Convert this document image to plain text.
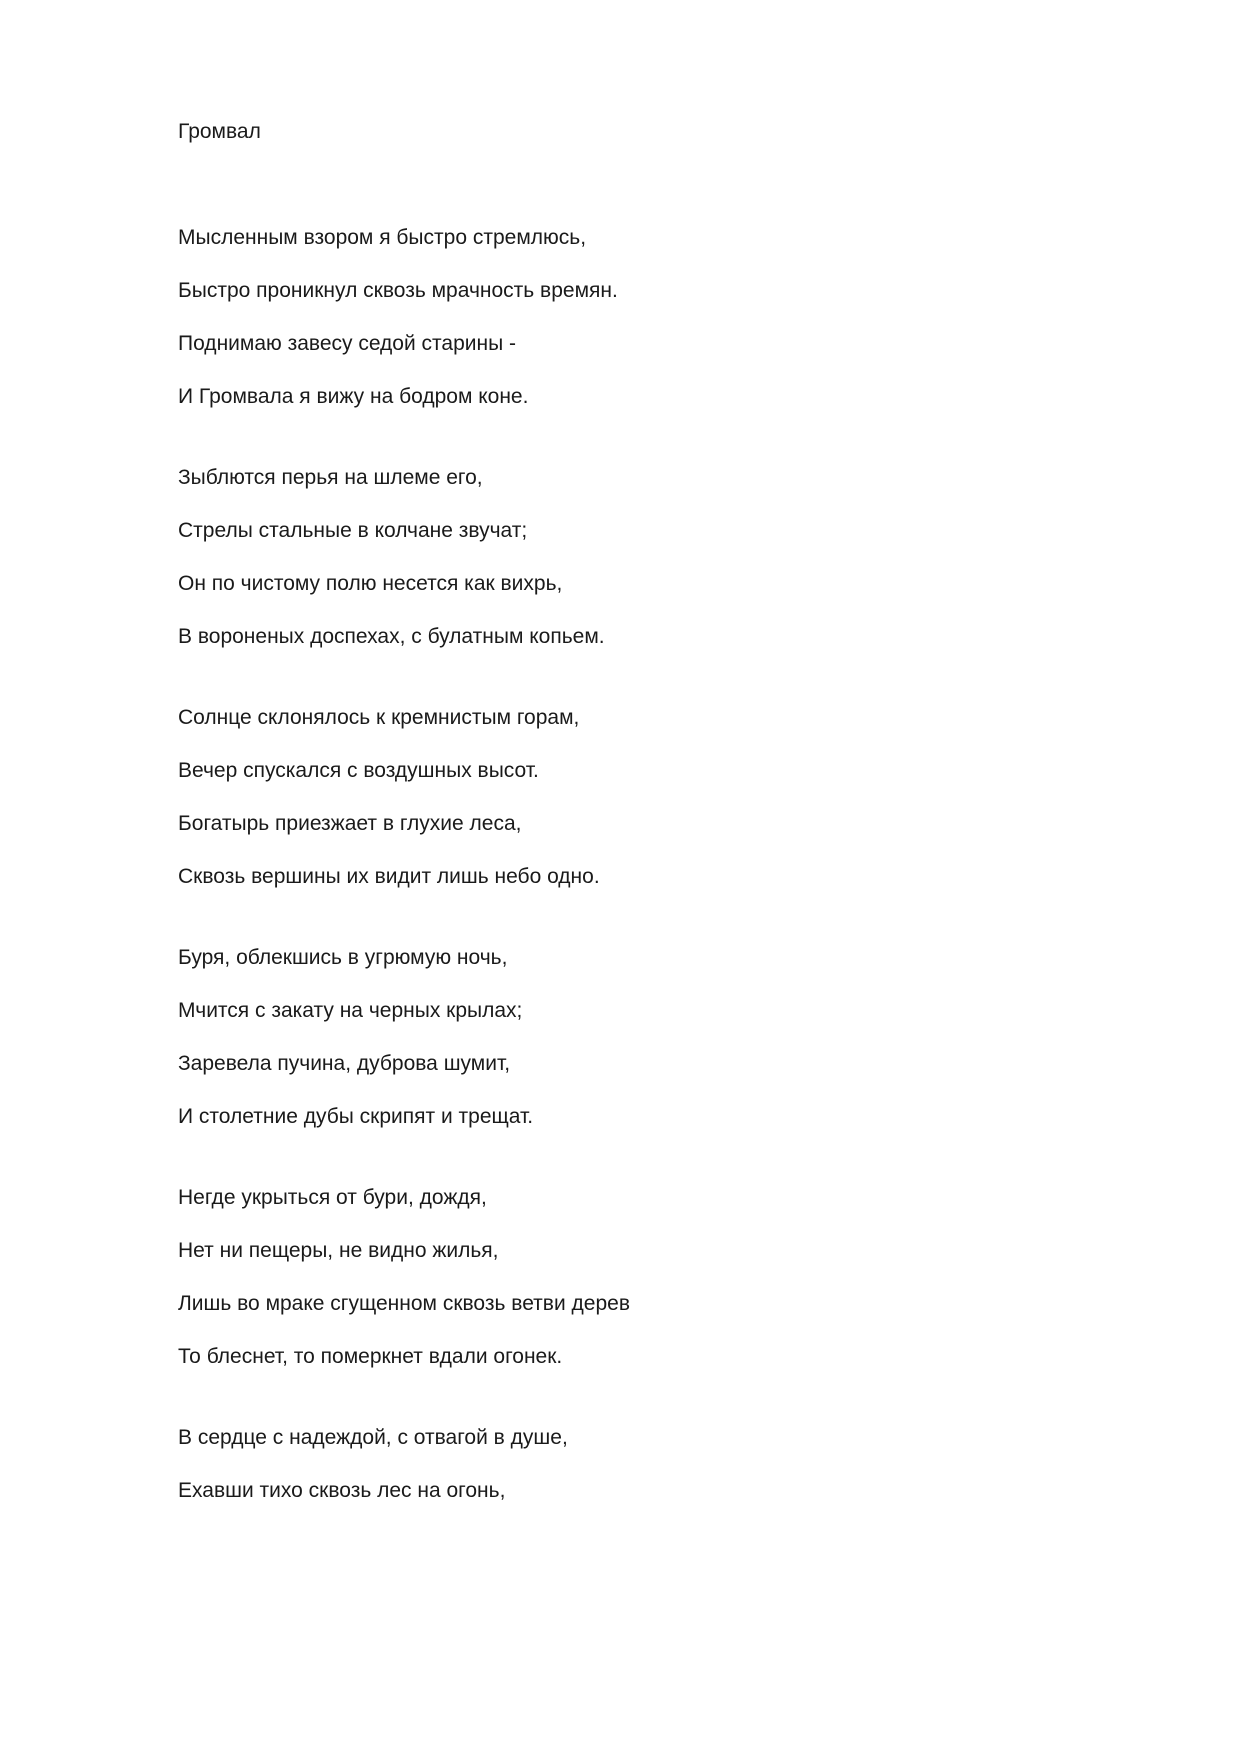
Громвал
Мысленным взором я быстро стремлюсь,
Быстро проникнул сквозь мрачность времян.
Поднимаю завесу седой старины -
И Громвала я вижу на бодром коне.
Зыблются перья на шлеме его,
Стрелы стальные в колчане звучат;
Он по чистому полю несется как вихрь,
В вороненых доспехах, с булатным копьем.
Солнце склонялось к кремнистым горам,
Вечер спускался с воздушных высот.
Богатырь приезжает в глухие леса,
Сквозь вершины их видит лишь небо одно.
Буря, облекшись в угрюмую ночь,
Мчится с закату на черных крылах;
Заревела пучина, дуброва шумит,
И столетние дубы скрипят и трещат.
Негде укрыться от бури, дождя,
Нет ни пещеры, не видно жилья,
Лишь во мраке сгущенном сквозь ветви дерев
То блеснет, то померкнет вдали огонек.
В сердце с надеждой, с отвагой в душе,
Ехавши тихо сквозь лес на огонь,
